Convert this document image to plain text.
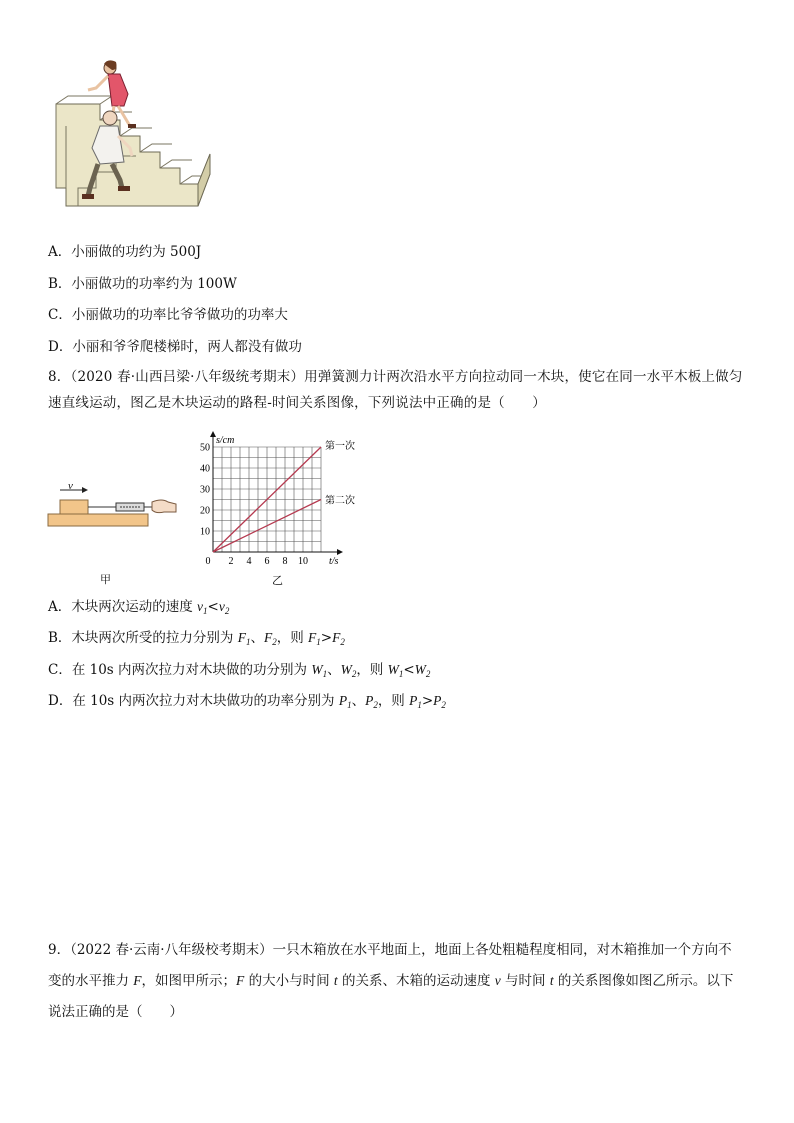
A．小丽做的功约为 500J
B．小丽做功的功率约为 100W
C．小丽做功的功率比爷爷做功的功率大
D．小丽和爷爷爬楼梯时，两人都没有做功
8．（2020 春·山西吕梁·八年级统考期末）用弹簧测力计两次沿水平方向拉动同一木块，使它在同一水平木板上做匀速直线运动，图乙是木块运动的路程-时间关系图像，下列说法中正确的是（　　）
v
甲
10
20
30
40
50
0 2 4 6 8 10
s/cm
t/s
第一次
第二次
乙
A．木块两次运动的速度 $v_1<v_2$
B．木块两次所受的拉力分别为 $F_1$、$F_2$，则 $F_1>F_2$
C．在 10s 内两次拉力对木块做的功分别为 $W_1$、$W_2$，则 $W_1<W_2$
D．在 10s 内两次拉力对木块做功的功率分别为 $P_1$、$P_2$，则 $P_1>P_2$
9．（2022 春·云南·八年级校考期末）一只木箱放在水平地面上，地面上各处粗糙程度相同，对木箱推加一个方向不
变的水平推力 F，如图甲所示；F 的大小与时间 t 的关系、木箱的运动速度 v 与时间 t 的关系图像如图乙所示。以下
说法正确的是（　　）
